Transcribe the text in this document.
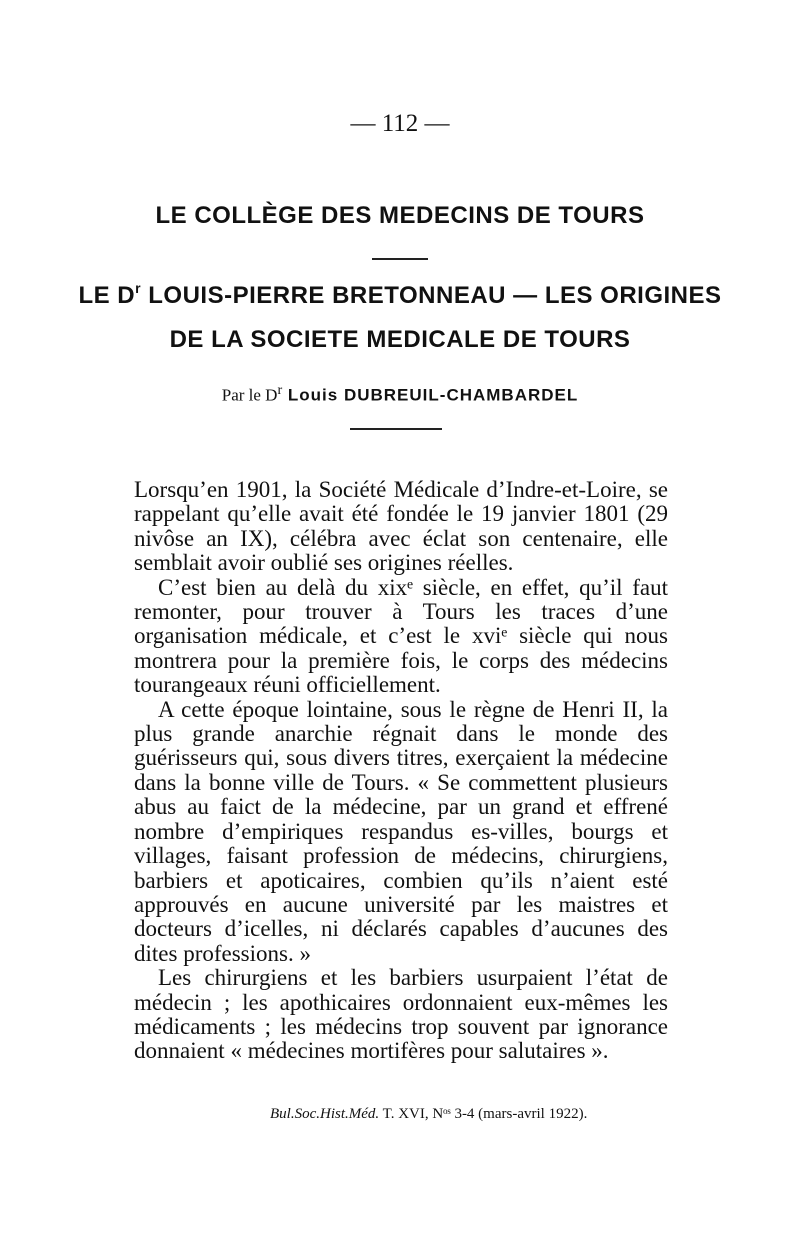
— 112 —
LE COLLÈGE DES MEDECINS DE TOURS
LE $D^r$ LOUIS-PIERRE BRETONNEAU — LES ORIGINES
DE LA SOCIETE MEDICALE DE TOURS
Par le $D^r$ Louis DUBREUIL-CHAMBARDEL

Lorsqu’en 1901, la Société Médicale d’Indre-et-Loire, se rappelant qu’elle avait été fondée le 19 janvier 1801 (29 nivôse an IX), célébra avec éclat son centenaire, elle semblait avoir oublié ses origines réelles.

C’est bien au delà du xixᵉ siècle, en effet, qu’il faut remonter, pour trouver à Tours les traces d’une organisation médicale, et c’est le xviᵉ siècle qui nous montrera pour la première fois, le corps des médecins tourangeaux réuni officiellement.

A cette époque lointaine, sous le règne de Henri II, la plus grande anarchie régnait dans le monde des guérisseurs qui, sous divers titres, exerçaient la médecine dans la bonne ville de Tours. « Se commettent plusieurs abus au faict de la médecine, par un grand et effrené nombre d’empiriques respandus es-villes, bourgs et villages, faisant profession de médecins, chirurgiens, barbiers et apoticaires, combien qu’ils n’aient esté approuvés en aucune université par les maistres et docteurs d’icelles, ni déclarés capables d’aucunes des dites professions. »

Les chirurgiens et les barbiers usurpaient l’état de médecin ; les apothicaires ordonnaient eux-mêmes les médicaments ; les médecins trop souvent par ignorance donnaient « médecines mortifères pour salutaires ».

Bul.Soc.Hist.Méd. T. XVI, Nᵒˢ 3-4 (mars-avril 1922).
